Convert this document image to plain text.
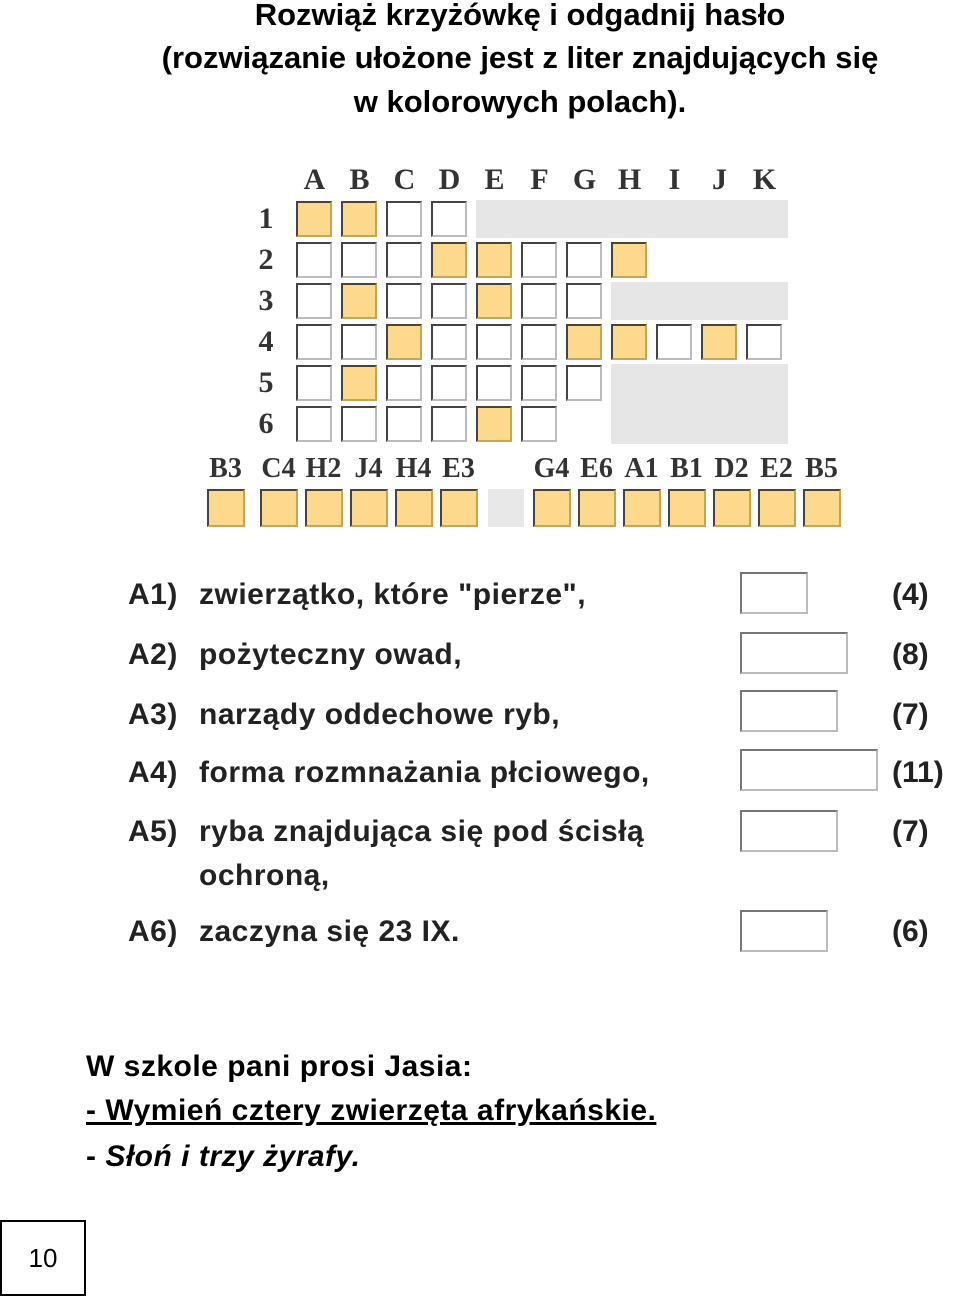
Rozwiąż krzyżówkę i odgadnij hasło

(rozwiązanie ułożone jest z liter znajdujących się

w kolorowych polach).

A B C D E F G H I	J K
1
2
3
4
5
6
B3 C4 H2 J4 H4 E3 G4 E6 A1 B1 D2 E2 B5
A1) zwierzątko, które "pierze",	(4)
A2) pożyteczny owad,	(8)
A3) narządy oddechowe ryb,	(7)
A4) forma rozmnażania płciowego,	(11)
A5) ryba znajdująca się pod ścisłą
ochroną,
(7)
A6) zaczyna się 23 IX.	(6)
W szkole pani prosi Jasia:
- Wymień cztery zwierzęta afrykańskie.
- Słoń i trzy żyrafy.
10
